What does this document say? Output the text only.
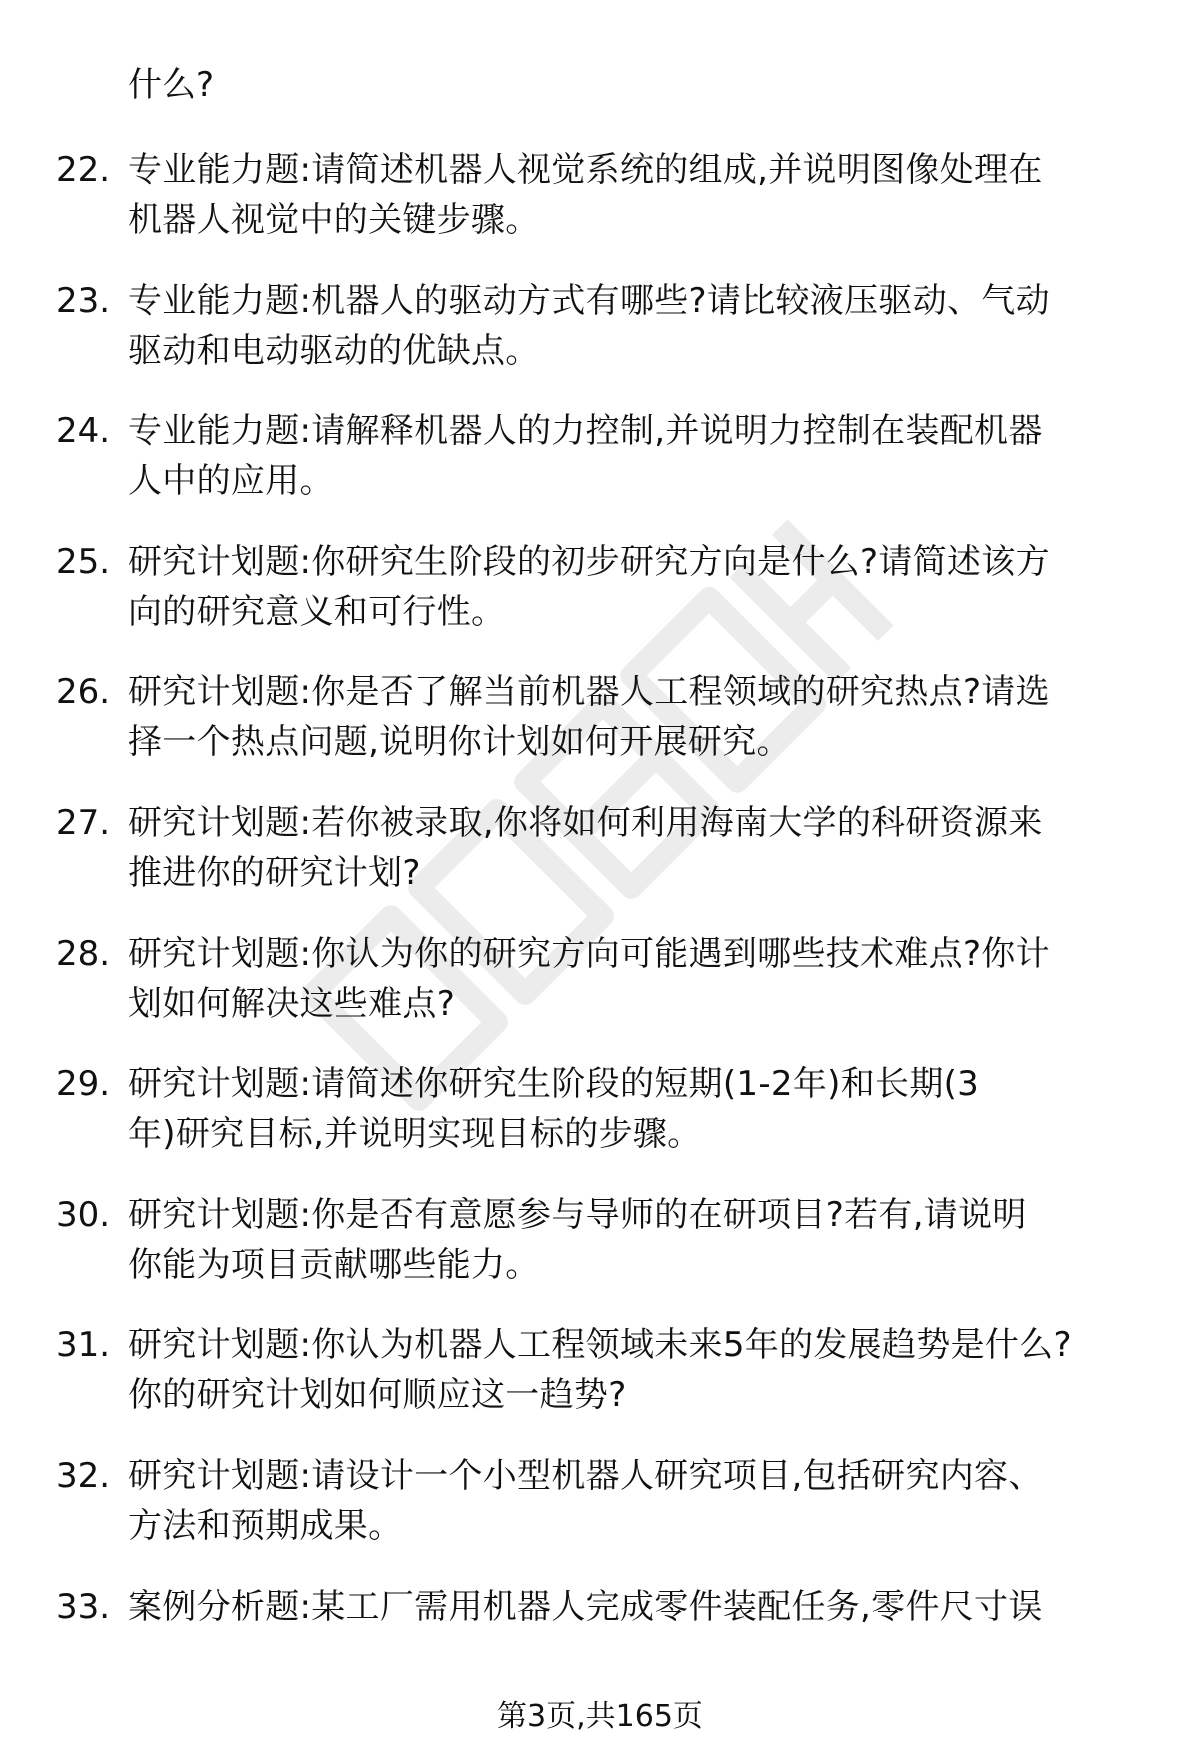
什么?
22. 专业能力题:请简述机器人视觉系统的组成,并说明图像处理在
机器人视觉中的关键步骤。
23. 专业能力题:机器人的驱动方式有哪些?请比较液压驱动、气动
驱动和电动驱动的优缺点。
24. 专业能力题:请解释机器人的力控制,并说明力控制在装配机器
人中的应用。
25. 研究计划题:你研究生阶段的初步研究方向是什么?请简述该方
向的研究意义和可行性。
26. 研究计划题:你是否了解当前机器人工程领域的研究热点?请选
择一个热点问题,说明你计划如何开展研究。
27. 研究计划题:若你被录取,你将如何利用海南大学的科研资源来
推进你的研究计划?
28. 研究计划题:你认为你的研究方向可能遇到哪些技术难点?你计
划如何解决这些难点?
29. 研究计划题:请简述你研究生阶段的短期(1-2年)和长期(3
年)研究目标,并说明实现目标的步骤。
30. 研究计划题:你是否有意愿参与导师的在研项目?若有,请说明
你能为项目贡献哪些能力。
31. 研究计划题:你认为机器人工程领域未来5年的发展趋势是什么?
你的研究计划如何顺应这一趋势?
32. 研究计划题:请设计一个小型机器人研究项目,包括研究内容、
方法和预期成果。
33. 案例分析题:某工厂需用机器人完成零件装配任务,零件尺寸误
第3页,共165页
